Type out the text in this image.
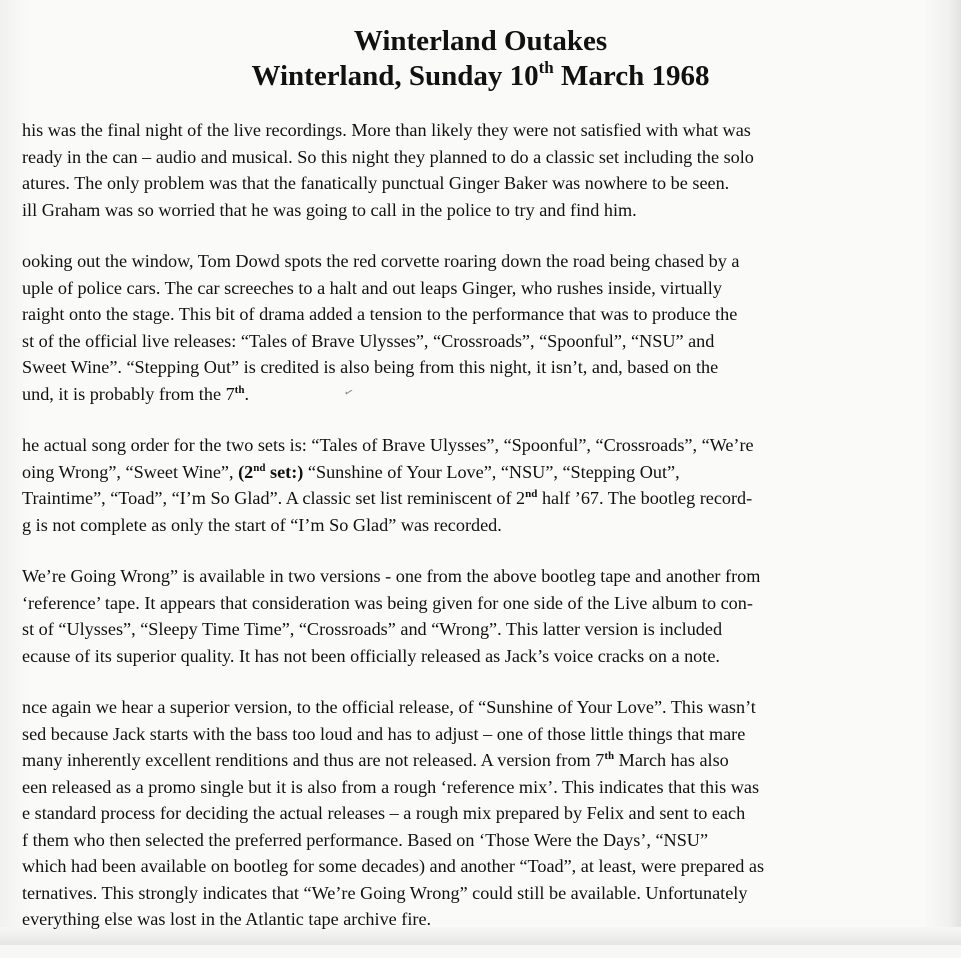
Winterland Outakes
Winterland, Sunday 10th March 1968
his was the final night of the live recordings. More than likely they were not satisfied with what was
ready in the can – audio and musical. So this night they planned to do a classic set including the solo
atures. The only problem was that the fanatically punctual Ginger Baker was nowhere to be seen.
ill Graham was so worried that he was going to call in the police to try and find him.
ooking out the window, Tom Dowd spots the red corvette roaring down the road being chased by a
uple of police cars. The car screeches to a halt and out leaps Ginger, who rushes inside, virtually
raight onto the stage. This bit of drama added a tension to the performance that was to produce the
st of the official live releases: “Tales of Brave Ulysses”, “Crossroads”, “Spoonful”, “NSU” and
Sweet Wine”. “Stepping Out” is credited is also being from this night, it isn’t, and, based on the
und, it is probably from the 7th.
he actual song order for the two sets is: “Tales of Brave Ulysses”, “Spoonful”, “Crossroads”, “We’re
oing Wrong”, “Sweet Wine”, (2nd set:) “Sunshine of Your Love”, “NSU”, “Stepping Out”,
Traintime”, “Toad”, “I’m So Glad”. A classic set list reminiscent of 2nd half ’67. The bootleg record-
g is not complete as only the start of “I’m So Glad” was recorded.
We’re Going Wrong” is available in two versions - one from the above bootleg tape and another from
‘reference’ tape. It appears that consideration was being given for one side of the Live album to con-
st of “Ulysses”, “Sleepy Time Time”, “Crossroads” and “Wrong”. This latter version is included
ecause of its superior quality. It has not been officially released as Jack’s voice cracks on a note.
nce again we hear a superior version, to the official release, of “Sunshine of Your Love”. This wasn’t
sed because Jack starts with the bass too loud and has to adjust – one of those little things that mare
many inherently excellent renditions and thus are not released. A version from 7th March has also
een released as a promo single but it is also from a rough ‘reference mix’. This indicates that this was
e standard process for deciding the actual releases – a rough mix prepared by Felix and sent to each
f them who then selected the preferred performance. Based on ‘Those Were the Days’, “NSU”
which had been available on bootleg for some decades) and another “Toad”, at least, were prepared as
ternatives. This strongly indicates that “We’re Going Wrong” could still be available. Unfortunately
everything else was lost in the Atlantic tape archive fire.
✓
